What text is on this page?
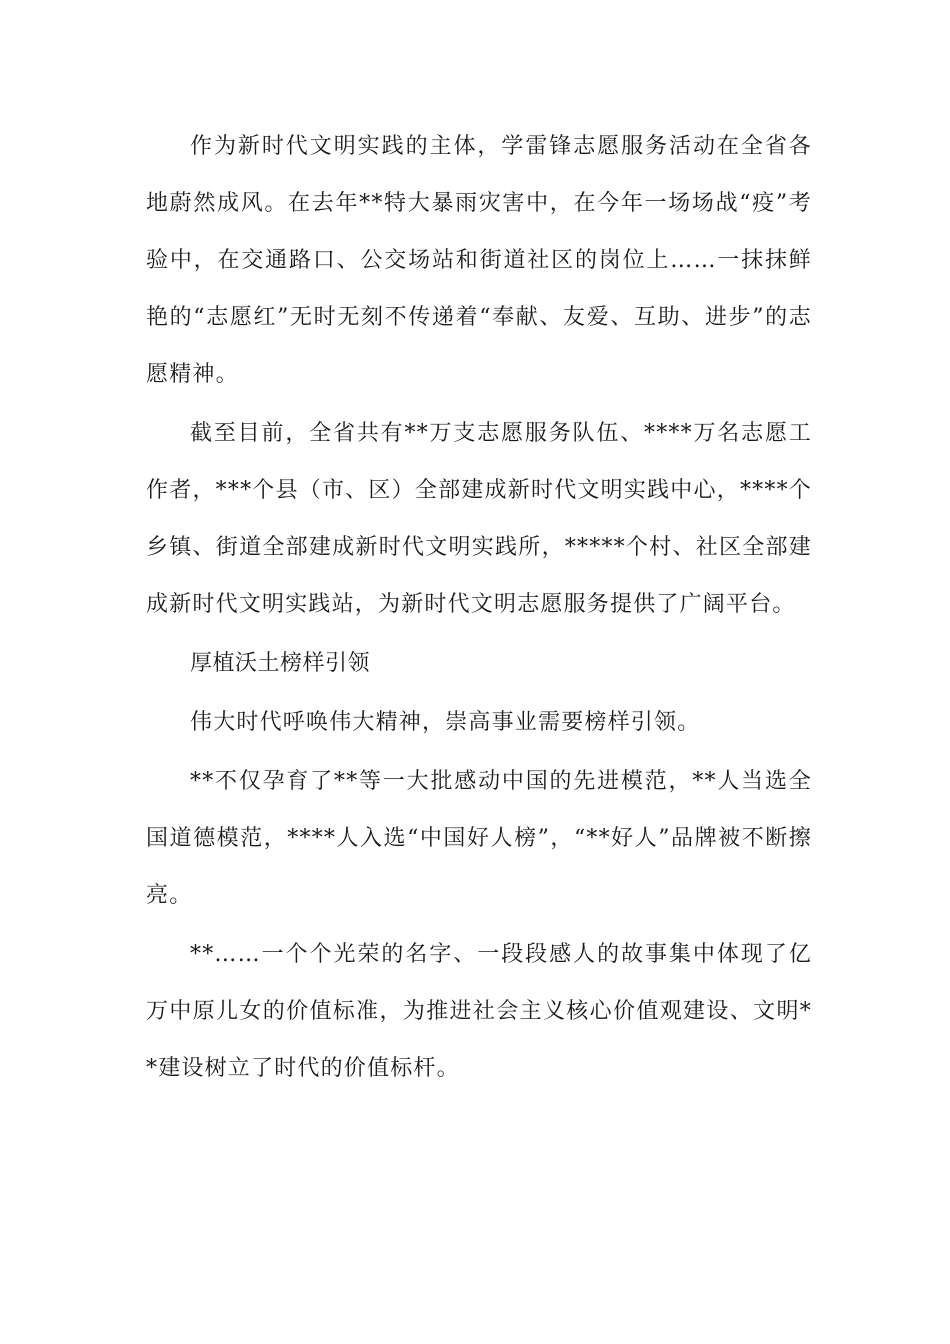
作为新时代文明实践的主体，学雷锋志愿服务活动在全省各地蔚然成风。在去年**特大暴雨灾害中，在今年一场场战“疫”考验中，在交通路口、公交场站和街道社区的岗位上……一抹抹鲜艳的“志愿红”无时无刻不传递着“奉献、友爱、互助、进步”的志愿精神。

截至目前，全省共有**万支志愿服务队伍、****万名志愿工作者，***个县（市、区）全部建成新时代文明实践中心，****个乡镇、街道全部建成新时代文明实践所，*****个村、社区全部建成新时代文明实践站，为新时代文明志愿服务提供了广阔平台。

厚植沃土榜样引领

伟大时代呼唤伟大精神，崇高事业需要榜样引领。

**不仅孕育了**等一大批感动中国的先进模范，**人当选全国道德模范，****人入选“中国好人榜”，“**好人”品牌被不断擦亮。

**……一个个光荣的名字、一段段感人的故事集中体现了亿万中原儿女的价值标准，为推进社会主义核心价值观建设、文明**建设树立了时代的价值标杆。
